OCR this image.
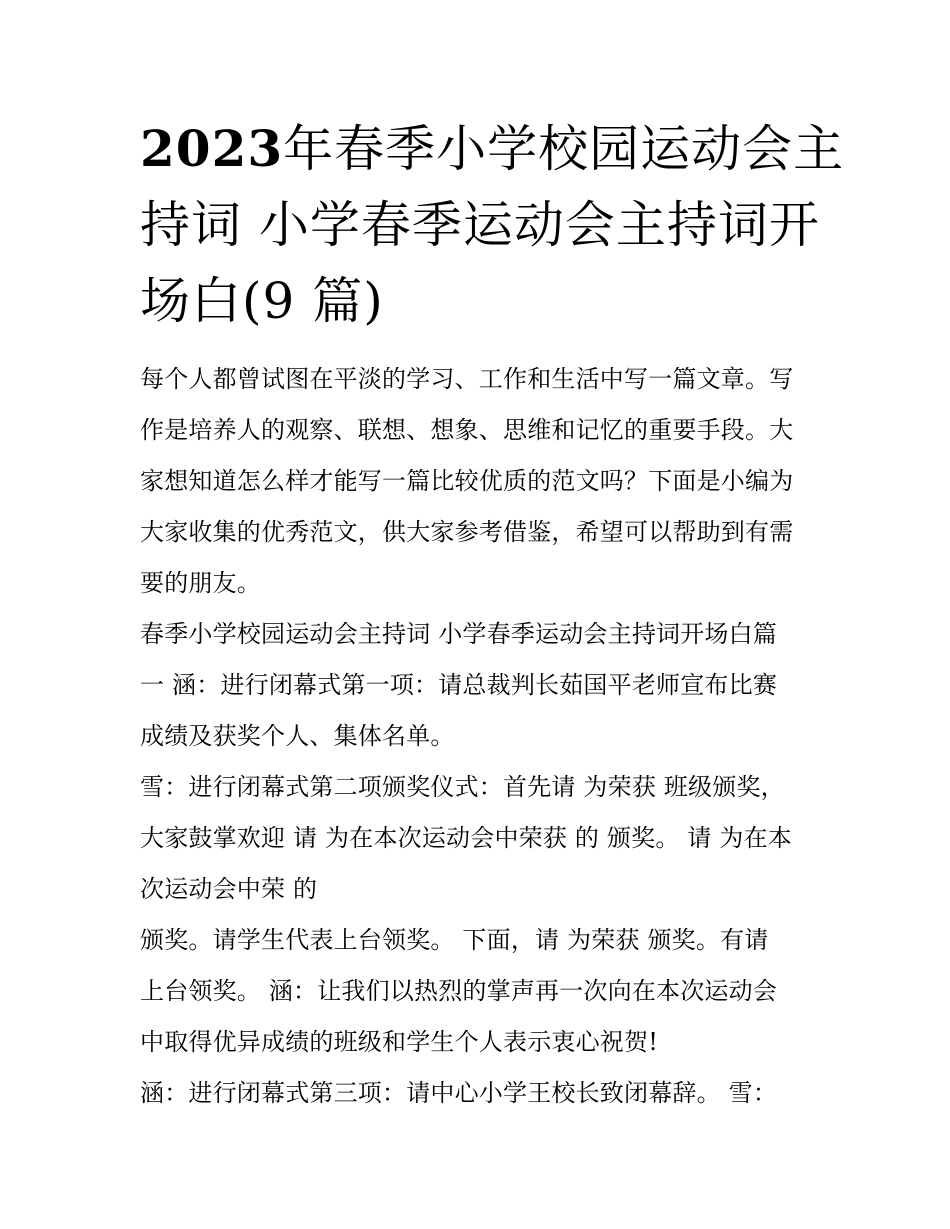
2023年春季小学校园运动会主
持词 小学春季运动会主持词开
场白(9 篇)
每个人都曾试图在平淡的学习、工作和生活中写一篇文章。写
作是培养人的观察、联想、想象、思维和记忆的重要手段。大
家想知道怎么样才能写一篇比较优质的范文吗？下面是小编为
大家收集的优秀范文，供大家参考借鉴，希望可以帮助到有需
要的朋友。
春季小学校园运动会主持词 小学春季运动会主持词开场白篇
一 涵：进行闭幕式第一项：请总裁判长茹国平老师宣布比赛
成绩及获奖个人、集体名单。
雪：进行闭幕式第二项颁奖仪式：首先请 为荣获 班级颁奖，
大家鼓掌欢迎 请 为在本次运动会中荣获 的 颁奖。 请 为在本
次运动会中荣 的
颁奖。请学生代表上台领奖。 下面，请 为荣获 颁奖。有请
上台领奖。 涵：让我们以热烈的掌声再一次向在本次运动会
中取得优异成绩的班级和学生个人表示衷心祝贺!
涵：进行闭幕式第三项：请中心小学王校长致闭幕辞。 雪：
